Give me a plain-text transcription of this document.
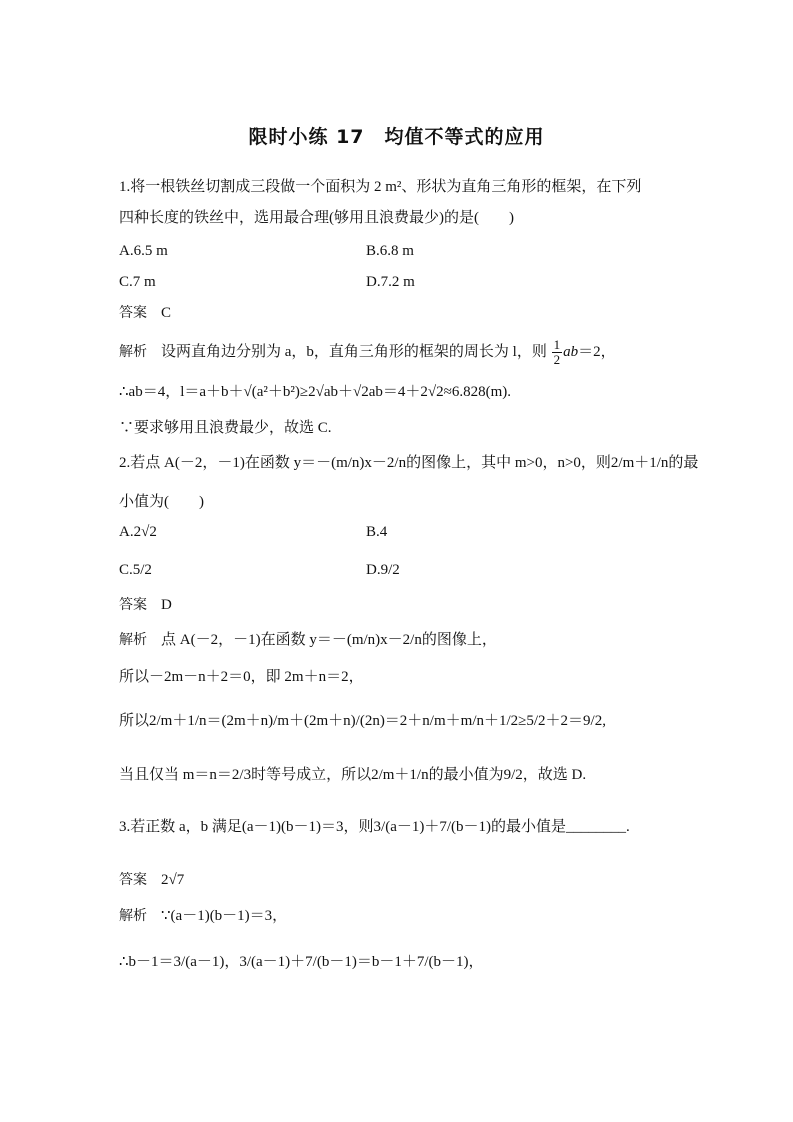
限时小练 17　均值不等式的应用
1.将一根铁丝切割成三段做一个面积为 2 m²、形状为直角三角形的框架，在下列
四种长度的铁丝中，选用最合理(够用且浪费最少)的是(　　)
A.6.5 m	B.6.8 m
C.7 m	D.7.2 m
答案 C
解析 设两直角边分别为 a，b，直角三角形的框架的周长为 l，则 $\frac{1}{2} ab=2$，
∴ab＝4，l＝a＋b＋√(a²＋b²)≥2√ab＋√2ab＝4＋2√2≈6.828(m).
∵要求够用且浪费最少，故选 C.
2.若点 A(－2，－1)在函数 y＝－(m/n)x－2/n的图像上，其中 m>0，n>0，则2/m＋1/n的最
小值为(　　)
A.2√2	B.4
C.5/2	D.9/2
答案 D
解析 点 A(－2，－1)在函数 y＝－(m/n)x－2/n的图像上，
所以－2m－n＋2＝0，即 2m＋n＝2，
所以2/m＋1/n＝(2m＋n)/m＋(2m＋n)/(2n)＝2＋n/m＋m/n＋1/2≥5/2＋2＝9/2,
当且仅当 m＝n＝2/3时等号成立，所以2/m＋1/n的最小值为9/2，故选 D.
3.若正数 a，b 满足(a－1)(b－1)＝3，则3/(a－1)＋7/(b－1)的最小值是________.
答案 2√7
解析 ∵(a－1)(b－1)＝3，
∴b－1＝3/(a－1)，3/(a－1)＋7/(b－1)＝b－1＋7/(b－1)，
